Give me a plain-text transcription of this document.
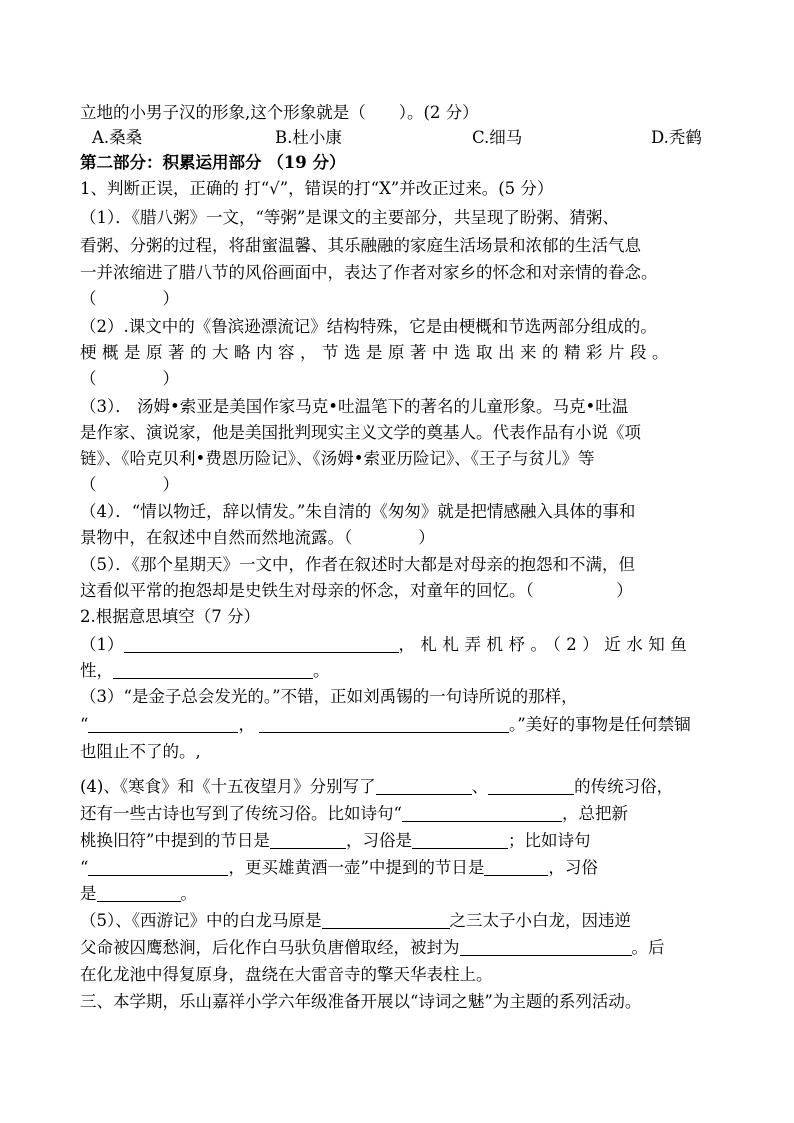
立地的小男子汉的形象,这个形象就是（　　）。(2 分）
A.桑桑	B.杜小康	C.细马	D.秃鹤
第二部分：积累运用部分 （19 分）
1、判断正误，正确的 打“√”，错误的打“X”并改正过来。(5 分）
（1）．《腊八粥》一文，“等粥”是课文的主要部分，共呈现了盼粥、猜粥、
看粥、分粥的过程，将甜蜜温馨、其乐融融的家庭生活场景和浓郁的生活气息
一并浓缩进了腊八节的风俗画面中，表达了作者对家乡的怀念和对亲情的眷念。
（　　　　）
（2）.课文中的《鲁滨逊漂流记》结构特殊，它是由梗概和节选两部分组成的。
梗概是原著的大略内容，节选是原著中选取出来的精彩片段。
（　　　　）
（3）． 汤姆•索亚是美国作家马克•吐温笔下的著名的儿童形象。马克•吐温
是作家、演说家，他是美国批判现实主义文学的奠基人。代表作品有小说《项
链》、《哈克贝利•费恩历险记》、《汤姆•索亚历险记》、《王子与贫儿》等
（　　　　）
（4）．“情以物迁，辞以情发。”朱自清的《匆匆》就是把情感融入具体的事和
景物中，在叙述中自然而然地流露。（　　　　）
（5）．《那个星期天》一文中，作者在叙述时大都是对母亲的抱怨和不满，但
这看似平常的抱怨却是史铁生对母亲的怀念，对童年的回忆。（　　　　　）
2.根据意思填空（7 分）
（1）	，札札弄机杼。（2）近水知鱼
性，	。
（3）“是金子总会发光的。”不错，正如刘禹锡的一句诗所说的那样，
“	，	。”美好的事物是任何禁锢
也阻止不了的。,
(4)、《寒食》和《十五夜望月》分别写了	、	的传统习俗，
还有一些古诗也写到了传统习俗。比如诗句“	，总把新
桃换旧符”中提到的节日是	，习俗是	；比如诗句
“	，更买雄黄酒一壶”中提到的节日是	，习俗
是	。
（5）、《西游记》中的白龙马原是	之三太子小白龙，因违逆
父命被囚鹰愁涧，后化作白马驮负唐僧取经，被封为	。后
在化龙池中得复原身，盘绕在大雷音寺的擎天华表柱上。
三、本学期，乐山嘉祥小学六年级准备开展以“诗词之魅”为主题的系列活动。
